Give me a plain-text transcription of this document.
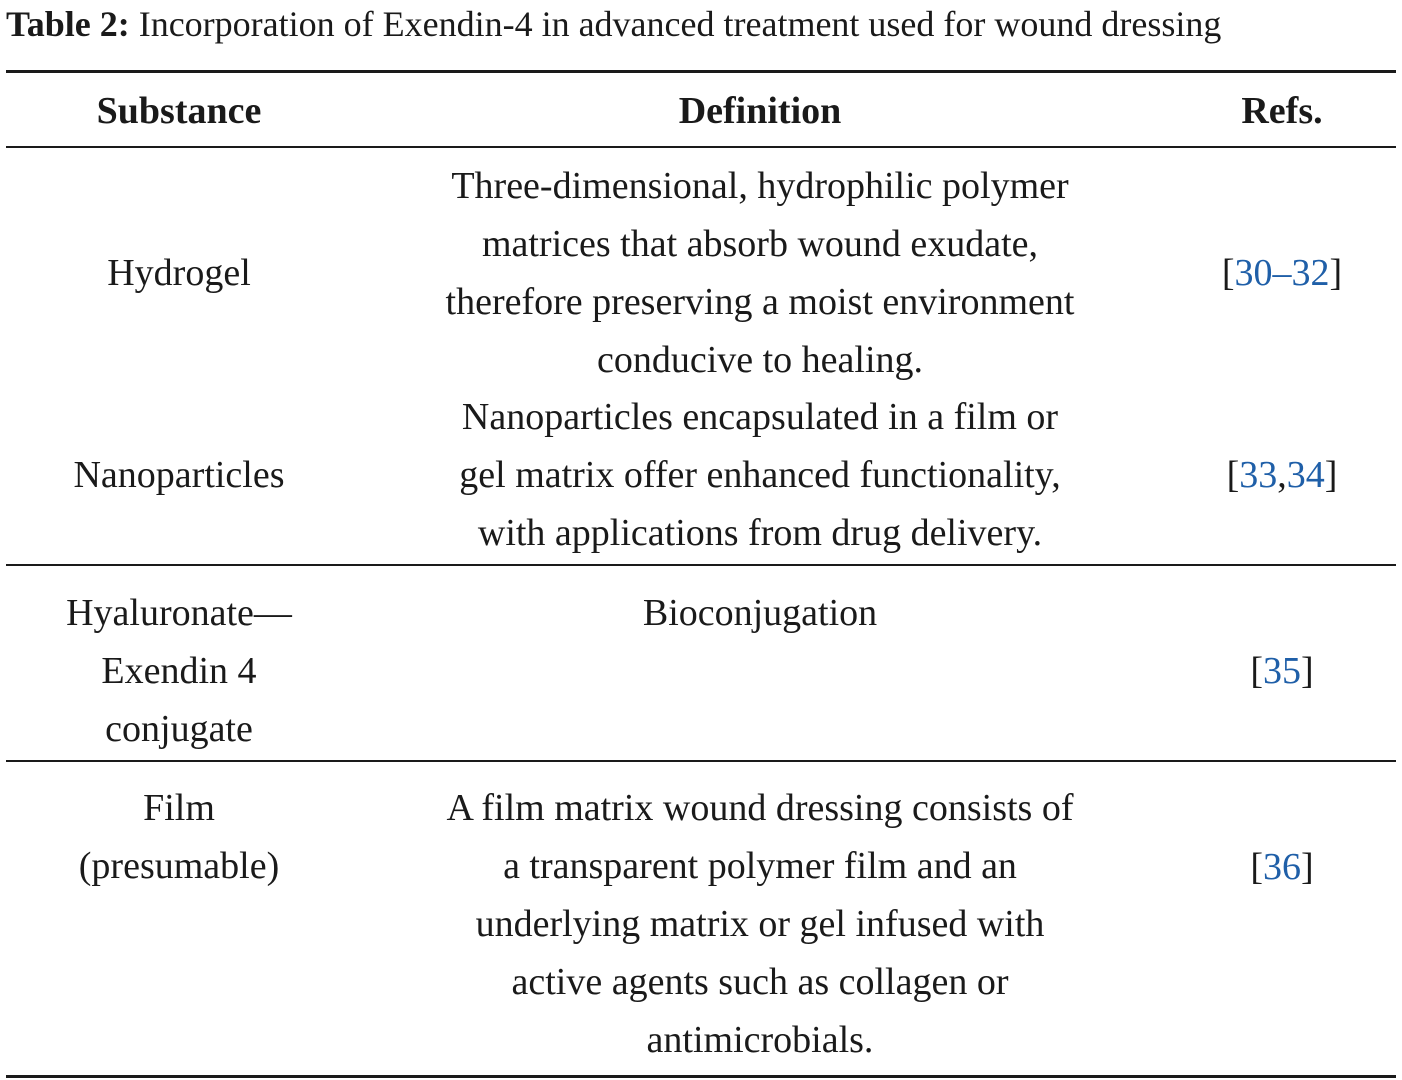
Table 2: Incorporation of Exendin-4 in advanced treatment used for wound dressing
Substance	Definition	Refs.
Hydrogel
Three-dimensional, hydrophilic polymer
matrices that absorb wound exudate,
therefore preserving a moist environment
conducive to healing.
[30–32]
Nanoparticles
Nanoparticles encapsulated in a film or
gel matrix offer enhanced functionality,
with applications from drug delivery.
[33,34]
Hyaluronate—
Exendin 4
conjugate
Bioconjugation
[35]
Film
(presumable)
A film matrix wound dressing consists of
a transparent polymer film and an
underlying matrix or gel infused with
active agents such as collagen or
antimicrobials.
[36]
